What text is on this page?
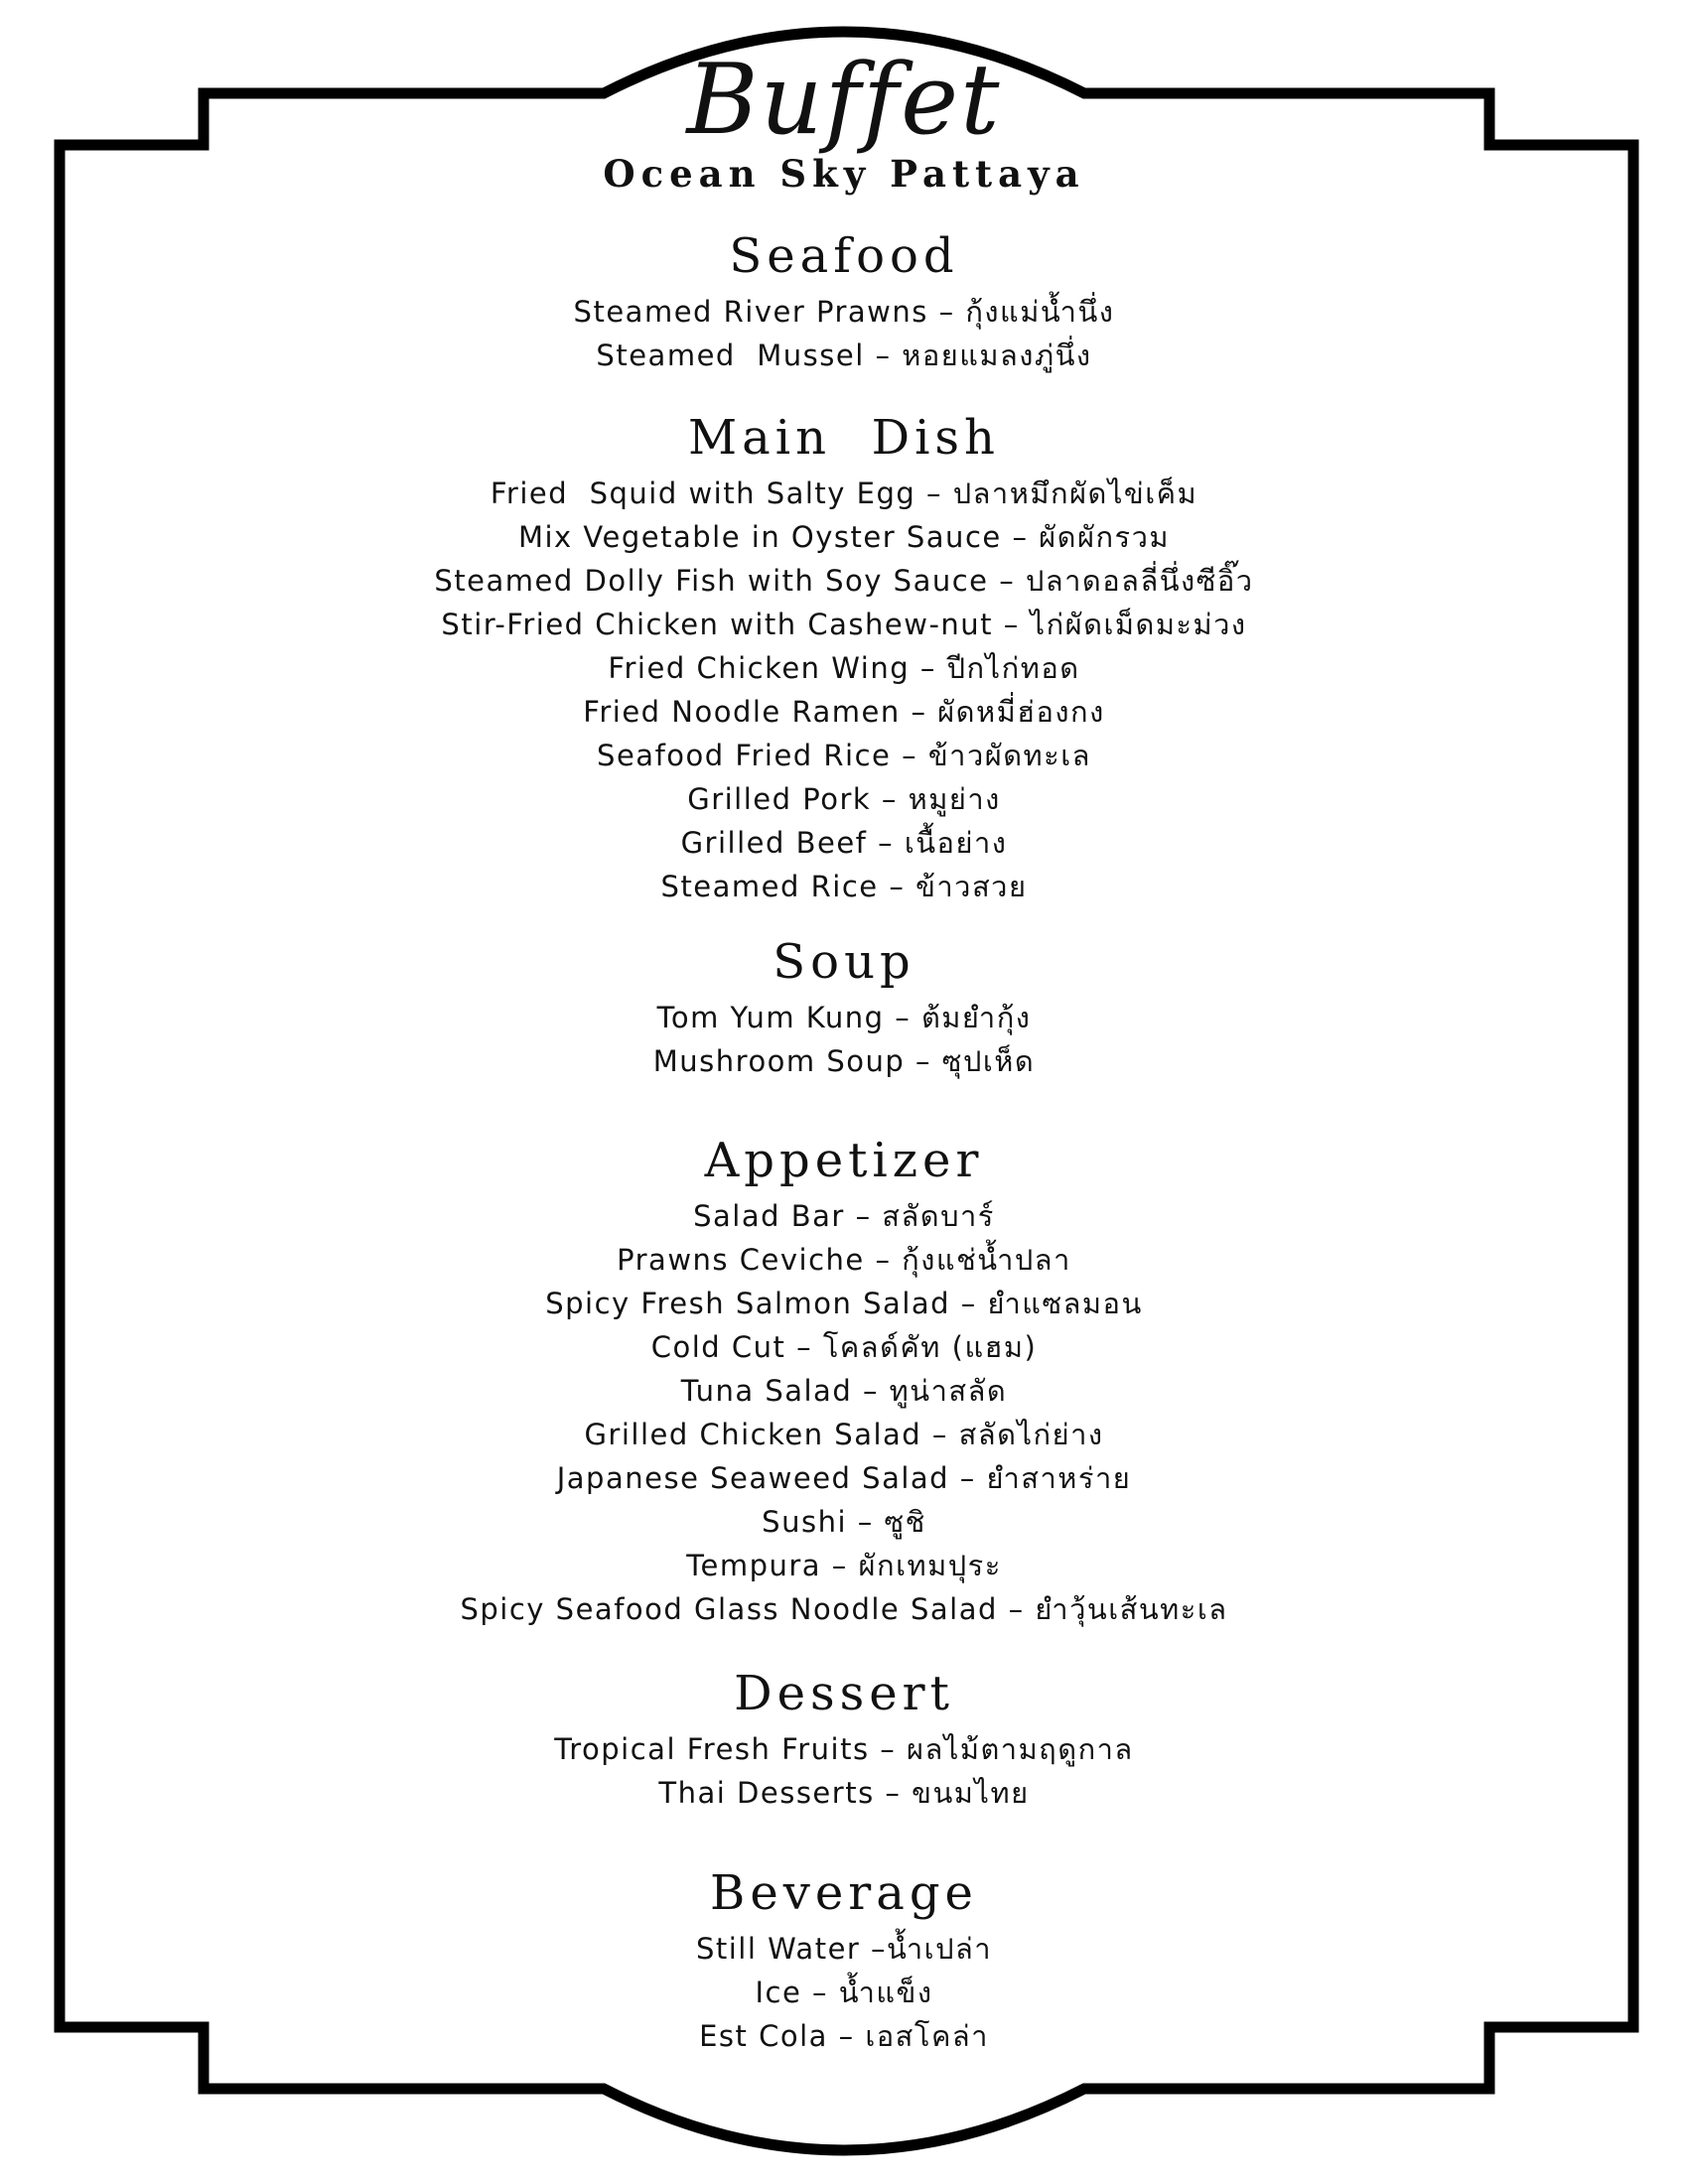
Buffet
Ocean Sky Pattaya
Seafood
Steamed River Prawns – กุ้งแม่น้ำนึ่ง
Steamed  Mussel – หอยแมลงภู่นึ่ง
Main  Dish
Fried  Squid with Salty Egg – ปลาหมึกผัดไข่เค็ม
Mix Vegetable in Oyster Sauce – ผัดผักรวม
Steamed Dolly Fish with Soy Sauce – ปลาดอลลี่นึ่งซีอิ๊ว
Stir-Fried Chicken with Cashew-nut – ไก่ผัดเม็ดมะม่วง
Fried Chicken Wing – ปีกไก่ทอด
Fried Noodle Ramen – ผัดหมี่ฮ่องกง
Seafood Fried Rice – ข้าวผัดทะเล
Grilled Pork – หมูย่าง
Grilled Beef – เนื้อย่าง
Steamed Rice – ข้าวสวย
Soup
Tom Yum Kung – ต้มยำกุ้ง
Mushroom Soup – ซุปเห็ด
Appetizer
Salad Bar – สลัดบาร์
Prawns Ceviche – กุ้งแช่น้ำปลา
Spicy Fresh Salmon Salad – ยำแซลมอน
Cold Cut – โคลด์คัท (แฮม)
Tuna Salad – ทูน่าสลัด
Grilled Chicken Salad – สลัดไก่ย่าง
Japanese Seaweed Salad – ยำสาหร่าย
Sushi – ซูชิ
Tempura – ผักเทมปุระ
Spicy Seafood Glass Noodle Salad – ยำวุ้นเส้นทะเล
Dessert
Tropical Fresh Fruits – ผลไม้ตามฤดูกาล
Thai Desserts – ขนมไทย
Beverage
Still Water –น้ำเปล่า
Ice – น้ำแข็ง
Est Cola – เอสโคล่า
